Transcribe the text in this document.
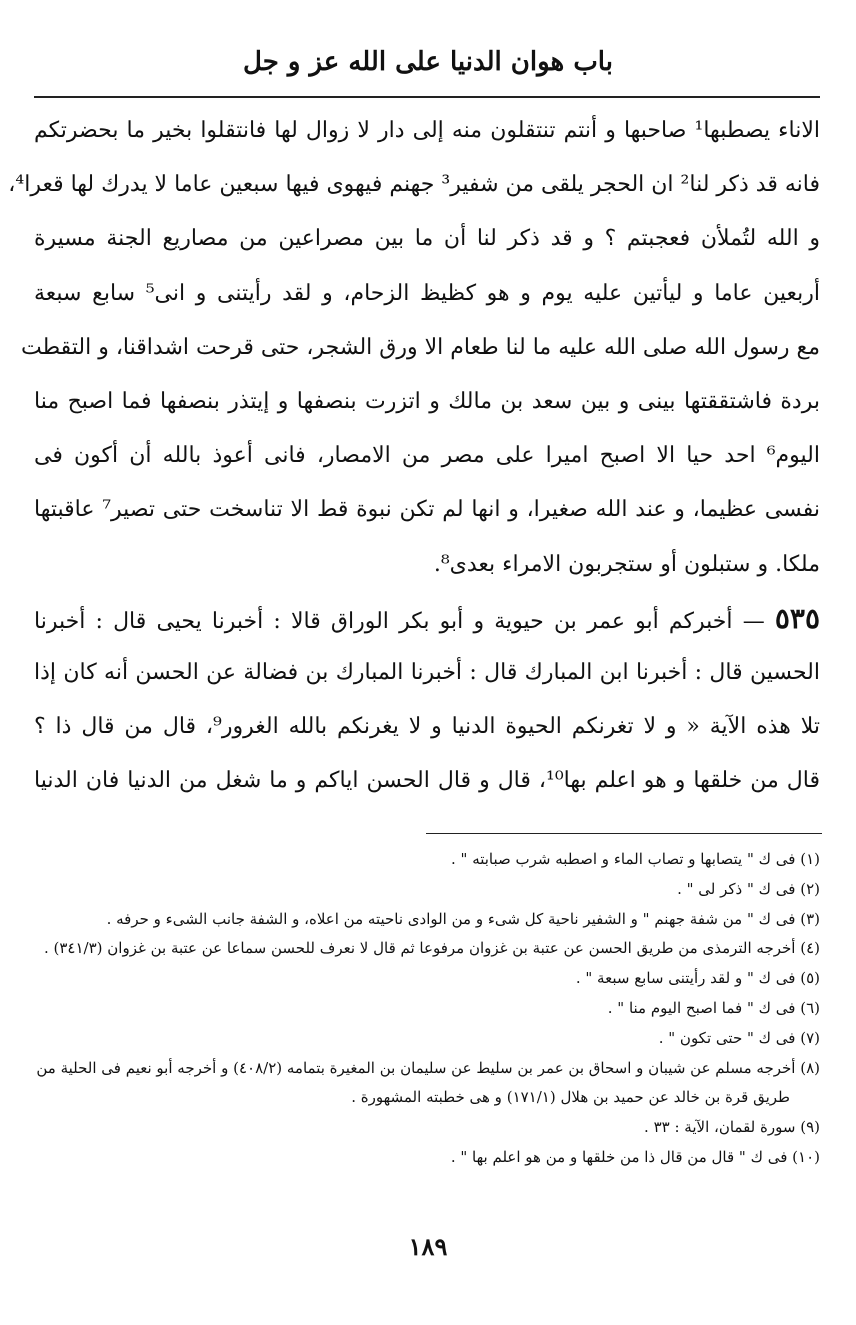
باب هوان الدنيا على الله عز و جل
الاناء يصطبها¹ صاحبها و أنتم تنتقلون منه إلى دار لا زوال لها فانتقلوا بخير ما بحضرتكم
فانه قد ذكر لنا² ان الحجر يلقى من شفير³ جهنم فيهوى فيها سبعين عاما لا يدرك لها قعرا⁴،
و الله لتُملأن فعجبتم ؟ و قد ذكر لنا أن ما بين مصراعين من مصاريع الجنة مسيرة
أربعين عاما و ليأتين عليه يوم و هو كظيظ الزحام، و لقد رأيتنى و انى⁵ سابع سبعة
مع رسول الله صلى الله عليه ما لنا طعام الا ورق الشجر، حتى قرحت اشداقنا، و التقطت
بردة فاشتققتها بينى و بين سعد بن مالك و اتزرت بنصفها و إيتذر بنصفها فما اصبح منا
اليوم⁶ احد حيا الا اصبح اميرا على مصر من الامصار، فانى أعوذ بالله أن أكون فى
نفسى عظيما، و عند الله صغيرا، و انها لم تكن نبوة قط الا تناسخت حتى تصير⁷ عاقبتها
ملكا. و ستبلون أو ستجربون الامراء بعدى⁸.
٥٣٥ — أخبركم أبو عمر بن حيوية و أبو بكر الوراق قالا : أخبرنا يحيى قال : أخبرنا
الحسين قال : أخبرنا ابن المبارك قال : أخبرنا المبارك بن فضالة عن الحسن أنه كان إذا
تلا هذه الآية « و لا تغرنكم الحيوة الدنيا و لا يغرنكم بالله الغرور⁹، قال من قال ذا ؟
قال من خلقها و هو اعلم بها¹⁰، قال و قال الحسن اياكم و ما شغل من الدنيا فان الدنيا
(١) فى ك " يتصابها و تصاب الماء و اصطبه شرب صبابته " .
(٢) فى ك " ذكر لى " .
(٣) فى ك " من شفة جهنم " و الشفير ناحية كل شىء و من الوادى ناحيته من اعلاه، و الشفة جانب الشىء و حرفه .
(٤) أخرجه الترمذى من طريق الحسن عن عتبة بن غزوان مرفوعا ثم قال لا نعرف للحسن سماعا عن عتبة بن غزوان (٣٤١/٣) .
(٥) فى ك " و لقد رأيتنى سابع سبعة " .
(٦) فى ك " فما اصبح اليوم منا " .
(٧) فى ك " حتى تكون " .
(٨) أخرجه مسلم عن شيبان و اسحاق بن عمر بن سليط عن سليمان بن المغيرة بتمامه (٤٠٨/٢) و أخرجه أبو نعيم فى الحلية من
طريق قرة بن خالد عن حميد بن هلال (١٧١/١) و هى خطبته المشهورة .
(٩) سورة لقمان، الآية : ٣٣ .
(١٠) فى ك " قال من قال ذا من خلقها و من هو اعلم بها " .
١٨٩
